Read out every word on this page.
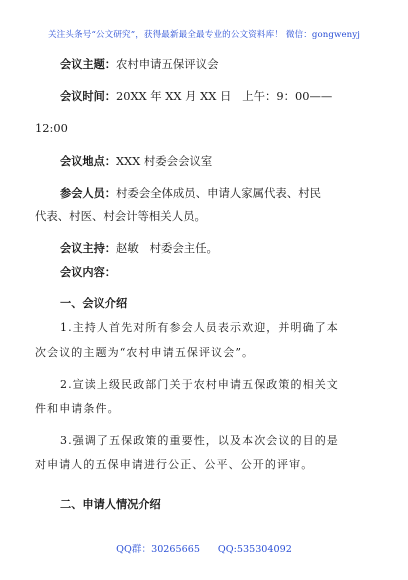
关注头条号“公文研究”，获得最新最全最专业的公文资料库！ 微信：gongwenyj
会议主题：农村申请五保评议会
会议时间：20XX 年 XX 月 XX 日   上午：9：00——
12:00
会议地点：XXX 村委会会议室
参会人员：村委会全体成员、申请人家属代表、村民
代表、村医、村会计等相关人员。
会议主持：赵敏   村委会主任。
会议内容：
一、会议介绍
1.主持人首先对所有参会人员表示欢迎，并明确了本
次会议的主题为“农村申请五保评议会”。
2.宣读上级民政部门关于农村申请五保政策的相关文
件和申请条件。
3.强调了五保政策的重要性，以及本次会议的目的是
对申请人的五保申请进行公正、公平、公开的评审。
二、申请人情况介绍
QQ群：30265665 QQ:535304092
